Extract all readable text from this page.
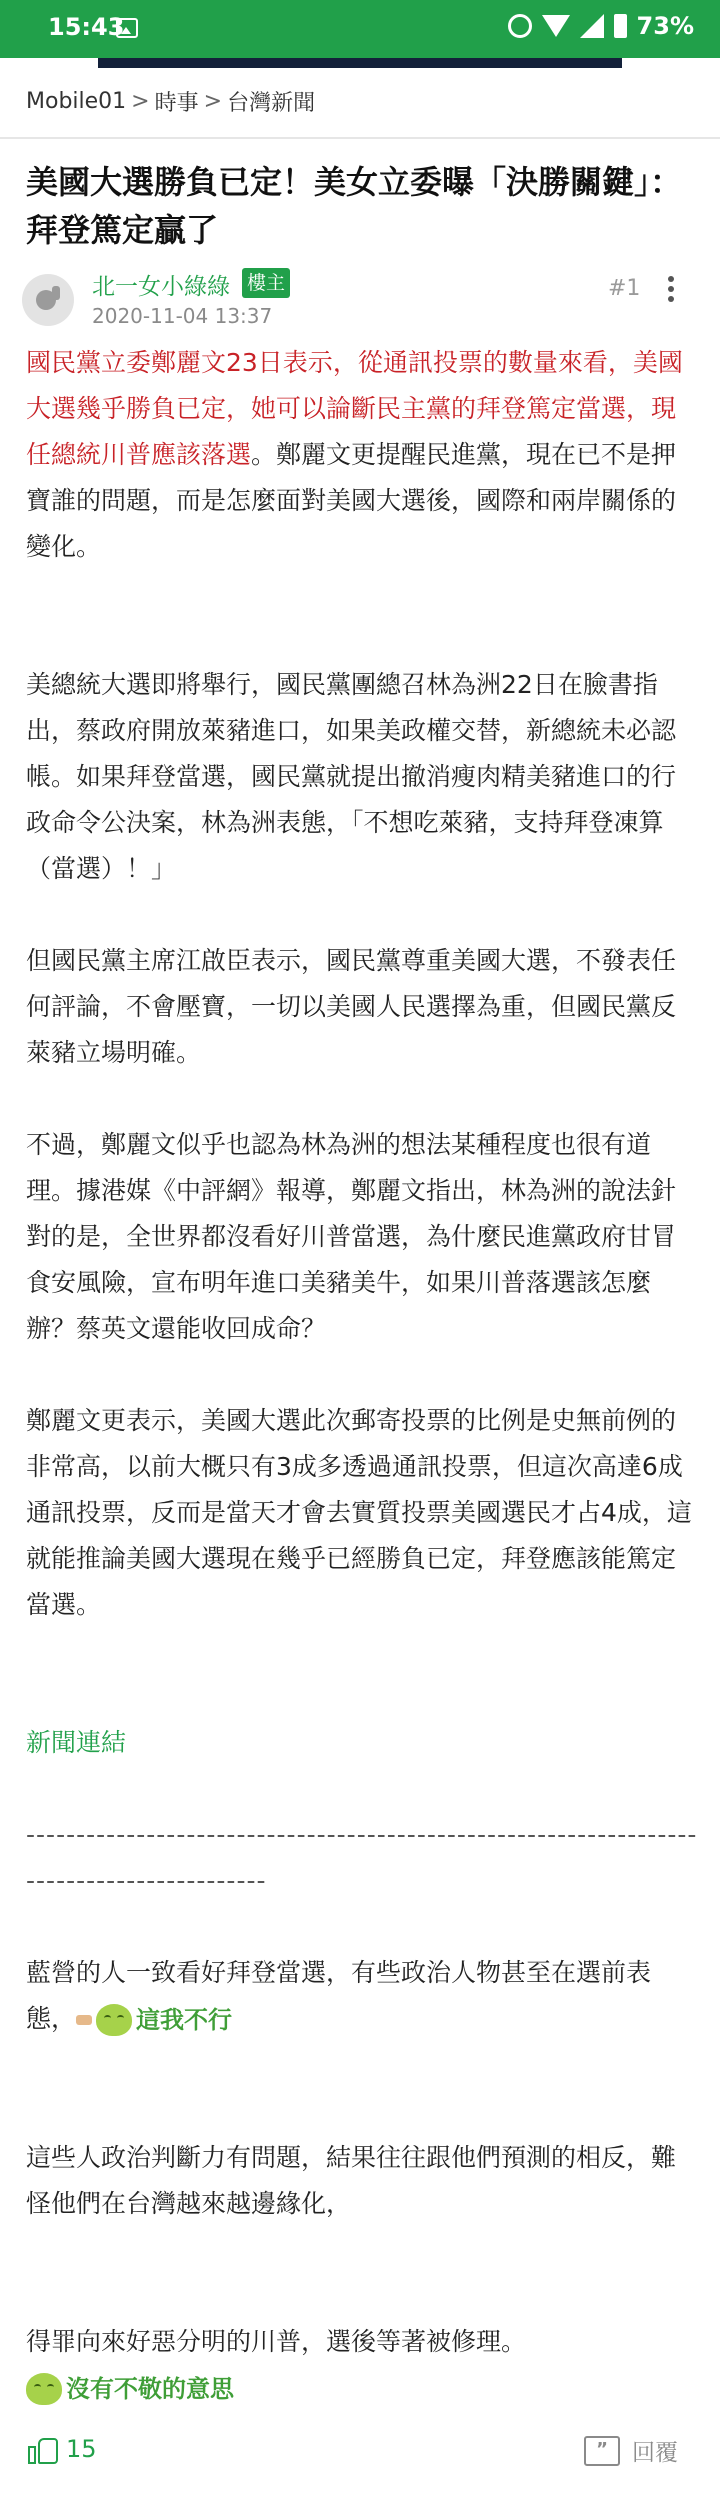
15:43	73%
Mobile01 > 時事 > 台灣新聞
美國大選勝負已定！美女立委曝「決勝關鍵」：拜登篤定贏了
北一女小綠綠 樓主
2020-11-04 13:37
#1

國民黨立委鄭麗文23日表示，從通訊投票的數量來看，美國大選幾乎勝負已定，她可以論斷民主黨的拜登篤定當選，現任總統川普應該落選。鄭麗文更提醒民進黨，現在已不是押寶誰的問題，而是怎麼面對美國大選後，國際和兩岸關係的變化。

美總統大選即將舉行，國民黨團總召林為洲22日在臉書指出，蔡政府開放萊豬進口，如果美政權交替，新總統未必認帳。如果拜登當選，國民黨就提出撤消瘦肉精美豬進口的行政命令公決案，林為洲表態，「不想吃萊豬，支持拜登凍算（當選）！」

但國民黨主席江啟臣表示，國民黨尊重美國大選，不發表任何評論，不會壓寶，一切以美國人民選擇為重，但國民黨反萊豬立場明確。

不過，鄭麗文似乎也認為林為洲的想法某種程度也很有道理。據港媒《中評網》報導，鄭麗文指出，林為洲的說法針對的是，全世界都沒看好川普當選，為什麼民進黨政府甘冒食安風險，宣布明年進口美豬美牛，如果川普落選該怎麼辦？蔡英文還能收回成命？

鄭麗文更表示，美國大選此次郵寄投票的比例是史無前例的非常高，以前大概只有3成多透過通訊投票，但這次高達6成通訊投票，反而是當天才會去實質投票美國選民才占4成，這就能推論美國大選現在幾乎已經勝負已定，拜登應該能篤定當選。

新聞連結

-------------------------------------------------------------------------------------------

藍營的人一致看好拜登當選，有些政治人物甚至在選前表態，	這我不行

這些人政治判斷力有問題，結果往往跟他們預測的相反，難怪他們在台灣越來越邊緣化，

得罪向來好惡分明的川普，選後等著被修理。

沒有不敬的意思

15	”	回覆
